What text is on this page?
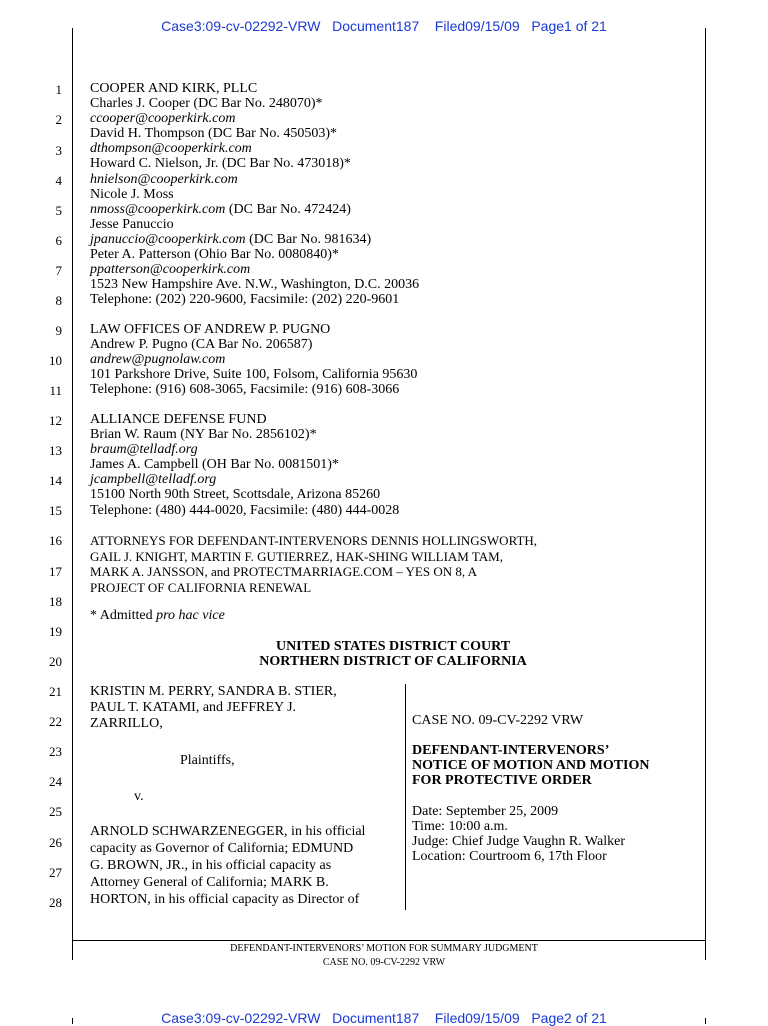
Case3:09-cv-02292-VRW   Document187    Filed09/15/09   Page1 of 21
1
2
3
4
5
6
7
8
9
10
11
12
13
14
15
16
17
18
19
20
21
22
23
24
25
26
27
28
COOPER AND KIRK, PLLC
Charles J. Cooper (DC Bar No. 248070)*
ccooper@cooperkirk.com
David H. Thompson (DC Bar No. 450503)*
dthompson@cooperkirk.com
Howard C. Nielson, Jr. (DC Bar No. 473018)*
hnielson@cooperkirk.com
Nicole J. Moss
nmoss@cooperkirk.com (DC Bar No. 472424)
Jesse Panuccio
jpanuccio@cooperkirk.com (DC Bar No. 981634)
Peter A. Patterson (Ohio Bar No. 0080840)*
ppatterson@cooperkirk.com
1523 New Hampshire Ave. N.W., Washington, D.C. 20036
Telephone: (202) 220-9600, Facsimile: (202) 220-9601
LAW OFFICES OF ANDREW P. PUGNO
Andrew P. Pugno (CA Bar No. 206587)
andrew@pugnolaw.com
101 Parkshore Drive, Suite 100, Folsom, California 95630
Telephone: (916) 608-3065, Facsimile: (916) 608-3066
ALLIANCE DEFENSE FUND
Brian W. Raum (NY Bar No. 2856102)*
braum@telladf.org
James A. Campbell (OH Bar No. 0081501)*
jcampbell@telladf.org
15100 North 90th Street, Scottsdale, Arizona 85260
Telephone: (480) 444-0020, Facsimile: (480) 444-0028
ATTORNEYS FOR DEFENDANT-INTERVENORS DENNIS HOLLINGSWORTH,
GAIL J. KNIGHT, MARTIN F. GUTIERREZ, HAK-SHING WILLIAM TAM,
MARK A. JANSSON, and PROTECTMARRIAGE.COM – YES ON 8, A
PROJECT OF CALIFORNIA RENEWAL
* Admitted pro hac vice
UNITED STATES DISTRICT COURT
NORTHERN DISTRICT OF CALIFORNIA
KRISTIN M. PERRY, SANDRA B. STIER,
PAUL T. KATAMI, and JEFFREY J.
ZARRILLO,
Plaintiffs,
v.
ARNOLD SCHWARZENEGGER, in his official
capacity as Governor of California; EDMUND
G. BROWN, JR., in his official capacity as
Attorney General of California; MARK B.
HORTON, in his official capacity as Director of
CASE NO. 09-CV-2292 VRW
DEFENDANT-INTERVENORS’
NOTICE OF MOTION AND MOTION
FOR PROTECTIVE ORDER
Date: September 25, 2009
Time: 10:00 a.m.
Judge: Chief Judge Vaughn R. Walker
Location: Courtroom 6, 17th Floor
DEFENDANT-INTERVENORS’ MOTION FOR SUMMARY JUDGMENT
CASE NO. 09-CV-2292 VRW
Case3:09-cv-02292-VRW   Document187    Filed09/15/09   Page2 of 21
